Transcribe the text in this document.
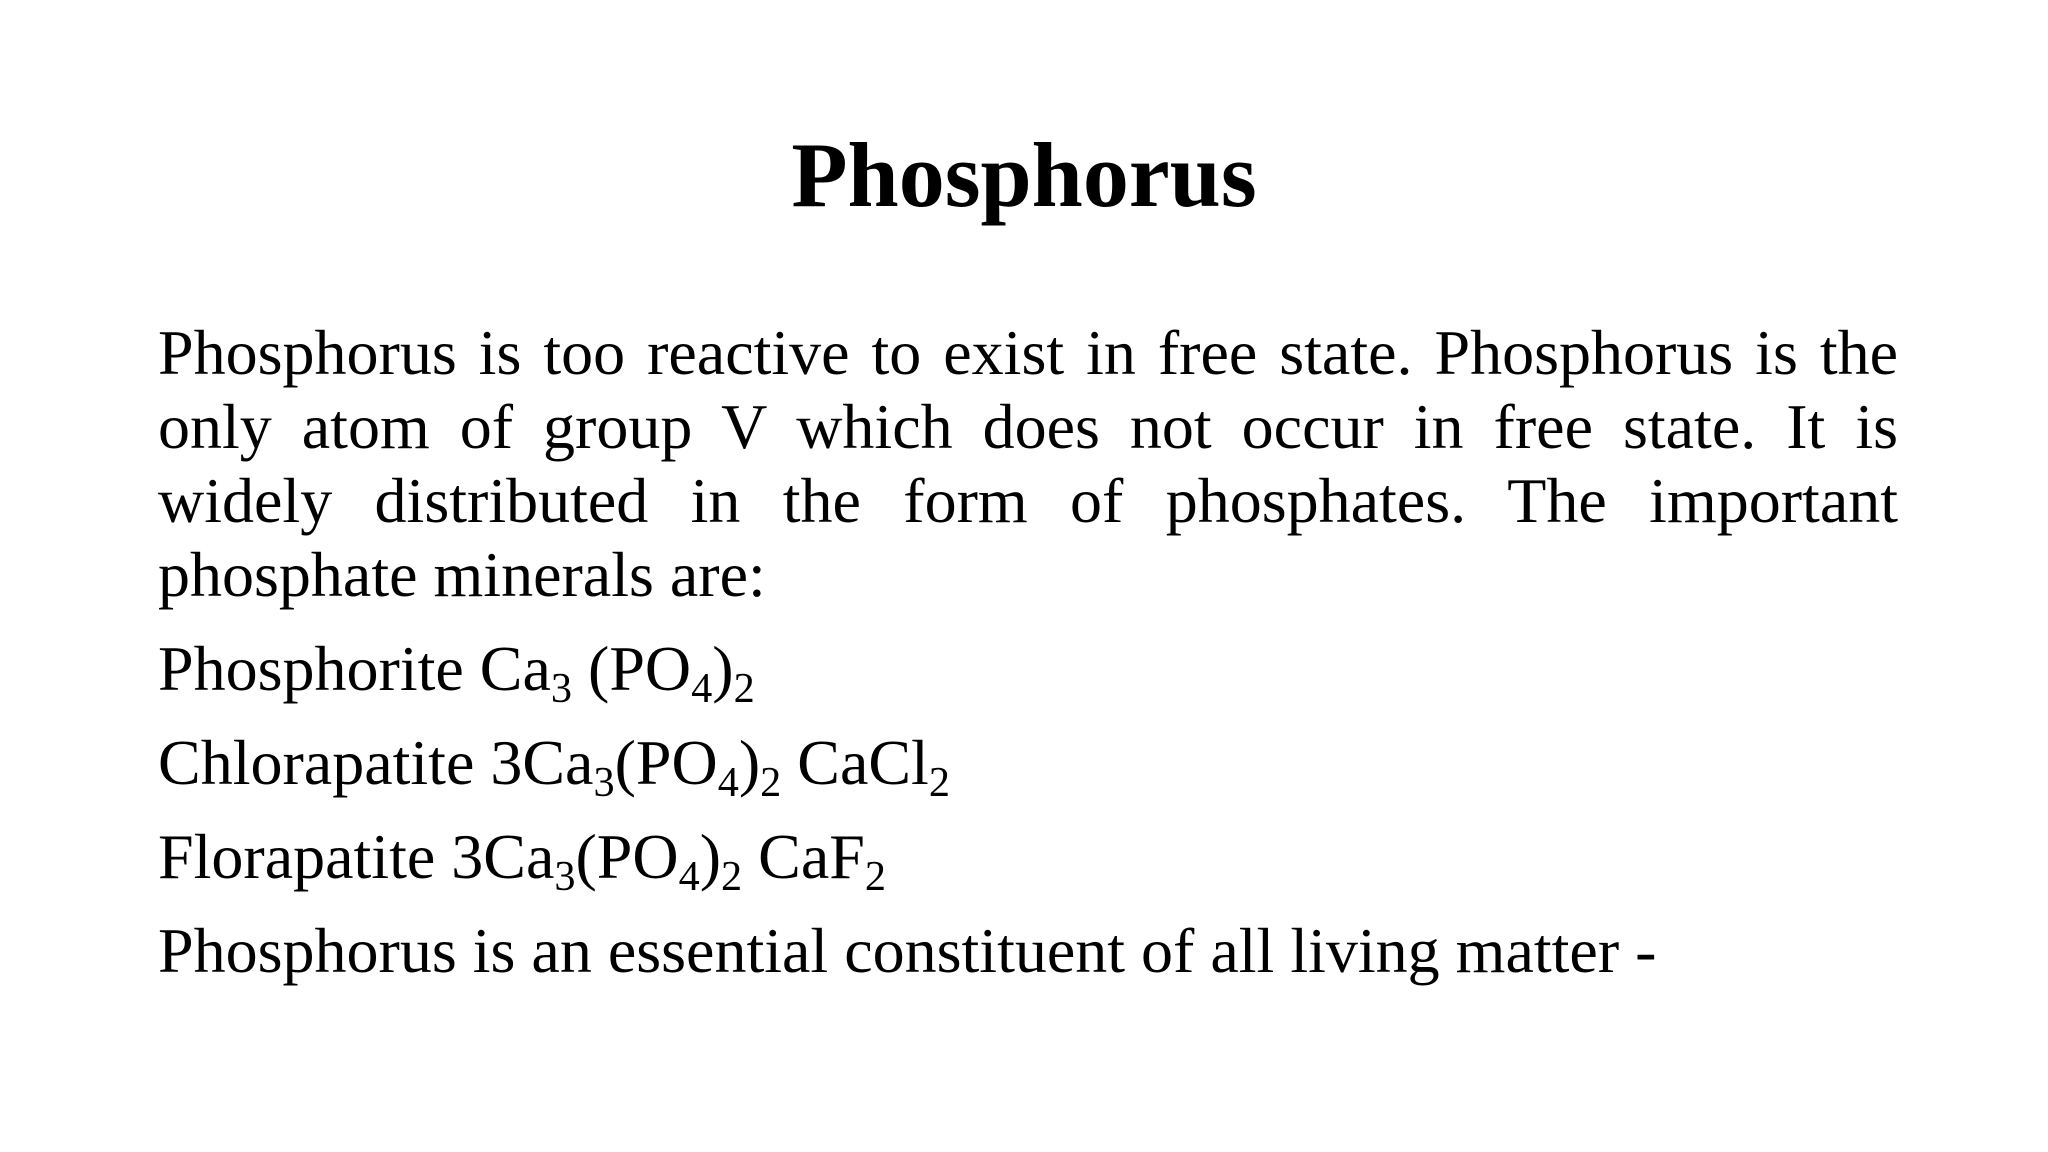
Phosphorus

Phosphorus is too reactive to exist in free state. Phosphorus is the only atom of group V which does not occur in free state. It is widely distributed in the form of phosphates. The important phosphate minerals are:

Phosphorite $Ca_3$ $(PO_4)_2$

Chlorapatite $3Ca_3(PO_4)_2$ CaCl$_2$

Florapatite $3Ca_3(PO_4)_2$ CaF$_2$

Phosphorus is an essential constituent of all living matter -
